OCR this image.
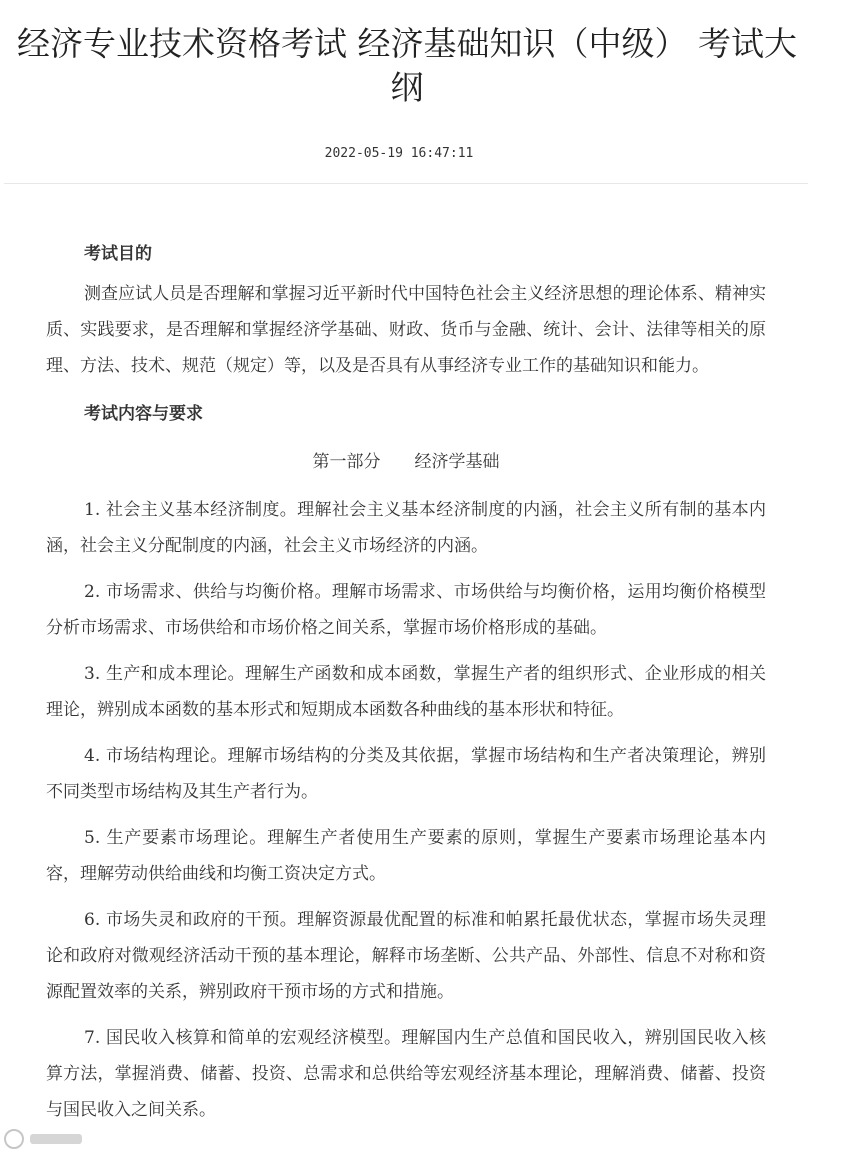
经济专业技术资格考试 经济基础知识（中级） 考试大纲
2022-05-19 16:47:11

考试目的

测查应试人员是否理解和掌握习近平新时代中国特色社会主义经济思想的理论体系、精神实质、实践要求，是否理解和掌握经济学基础、财政、货币与金融、统计、会计、法律等相关的原理、方法、技术、规范（规定）等，以及是否具有从事经济专业工作的基础知识和能力。

考试内容与要求

第一部分　　经济学基础

1. 社会主义基本经济制度。理解社会主义基本经济制度的内涵，社会主义所有制的基本内涵，社会主义分配制度的内涵，社会主义市场经济的内涵。

2. 市场需求、供给与均衡价格。理解市场需求、市场供给与均衡价格，运用均衡价格模型分析市场需求、市场供给和市场价格之间关系，掌握市场价格形成的基础。

3. 生产和成本理论。理解生产函数和成本函数，掌握生产者的组织形式、企业形成的相关理论，辨别成本函数的基本形式和短期成本函数各种曲线的基本形状和特征。

4. 市场结构理论。理解市场结构的分类及其依据，掌握市场结构和生产者决策理论，辨别不同类型市场结构及其生产者行为。

5. 生产要素市场理论。理解生产者使用生产要素的原则，掌握生产要素市场理论基本内容，理解劳动供给曲线和均衡工资决定方式。

6. 市场失灵和政府的干预。理解资源最优配置的标准和帕累托最优状态，掌握市场失灵理论和政府对微观经济活动干预的基本理论，解释市场垄断、公共产品、外部性、信息不对称和资源配置效率的关系，辨别政府干预市场的方式和措施。

7. 国民收入核算和简单的宏观经济模型。理解国内生产总值和国民收入，辨别国民收入核算方法，掌握消费、储蓄、投资、总需求和总供给等宏观经济基本理论，理解消费、储蓄、投资与国民收入之间关系。
